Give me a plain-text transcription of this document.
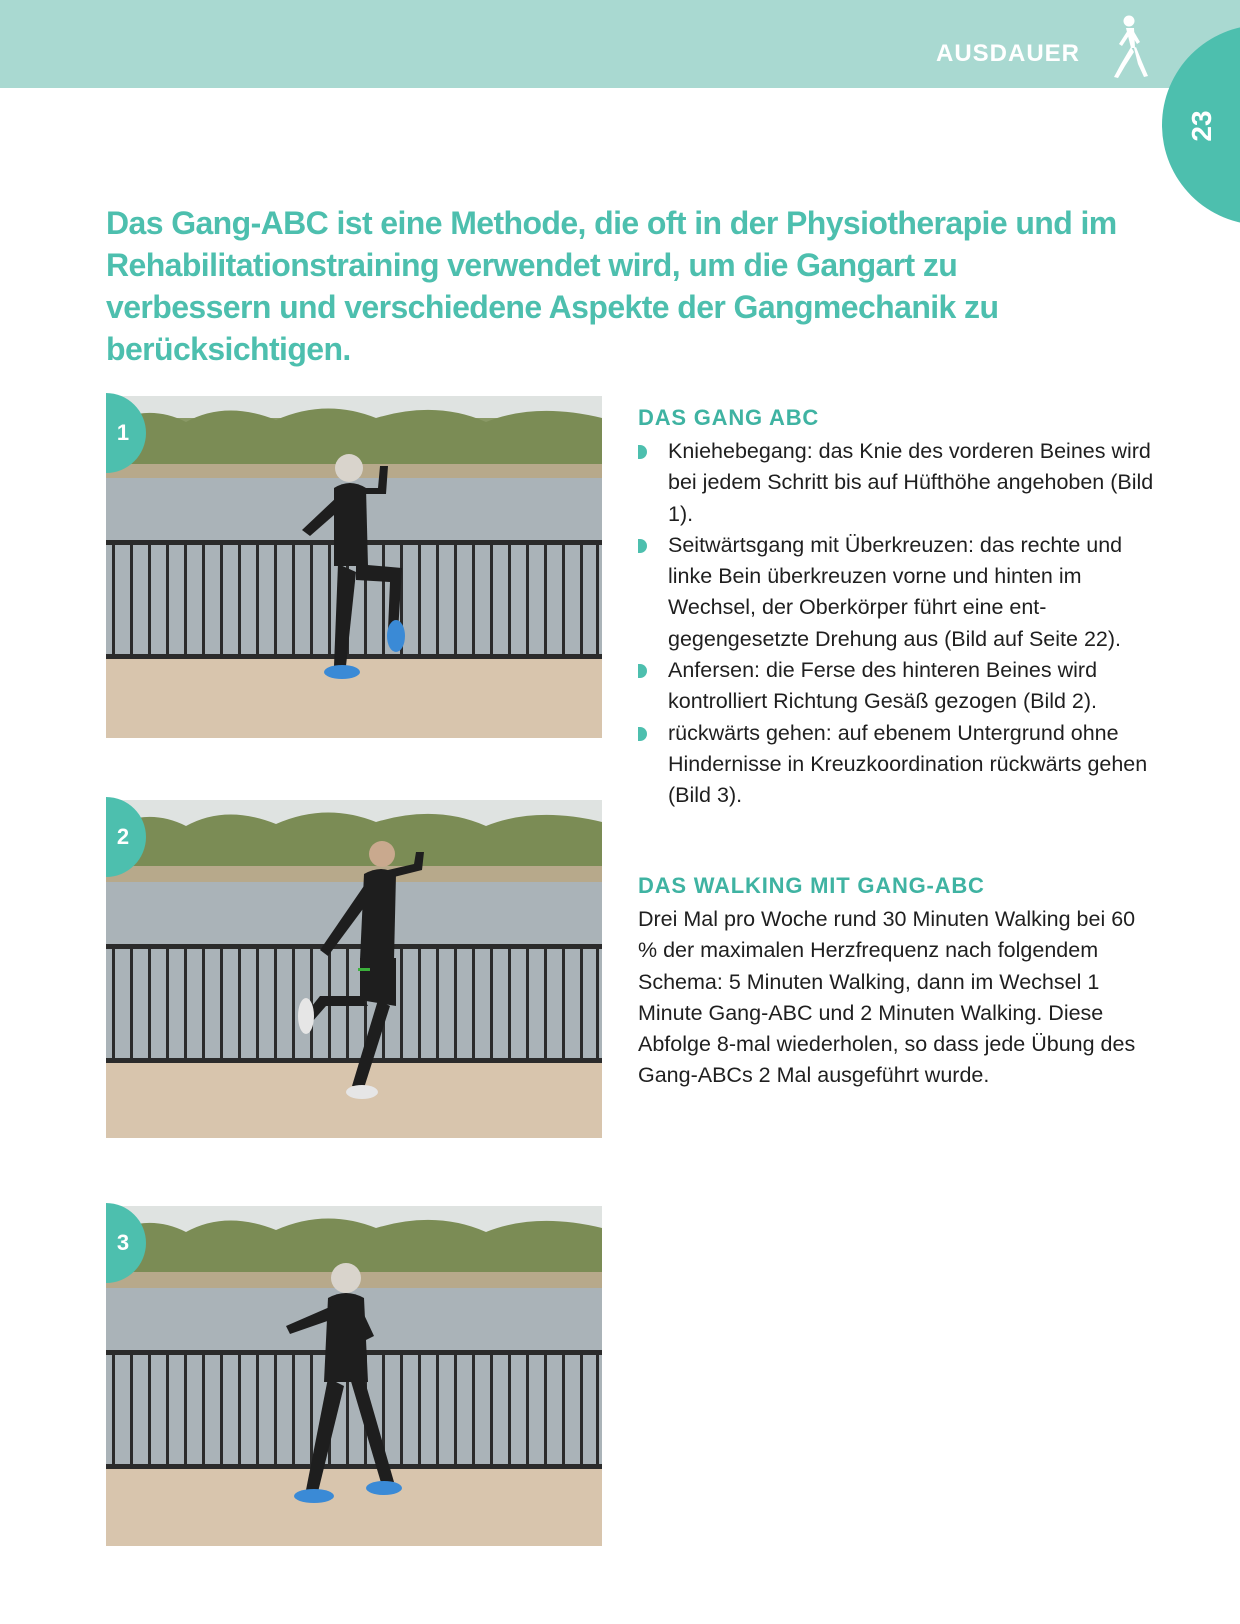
AUSDAUER
23

Das Gang-ABC ist eine Methode, die oft in der Physiotherapie und im Rehabilitationstraining verwendet wird, um die Gangart zu verbessern und verschiedene Aspekte der Gangmechanik zu berücksichtigen.

1
2
3
DAS GANG ABC
Kniehebegang: das Knie des vorderen Beines wird bei jedem Schritt bis auf Hüfthöhe angehoben (Bild 1).
Seitwärtsgang mit Überkreuzen: das rechte und linke Bein überkreuzen vorne und hinten im Wechsel, der Oberkörper führt eine entgegengesetzte Drehung aus (Bild auf Seite 22).
Anfersen: die Ferse des hinteren Beines wird kontrolliert Richtung Gesäß gezogen (Bild 2).
rückwärts gehen: auf ebenem Untergrund ohne Hindernisse in Kreuzkoordination rückwärts gehen (Bild 3).
DAS WALKING MIT GANG-ABC

Drei Mal pro Woche rund 30 Minuten Walking bei 60 % der maximalen Herzfrequenz nach folgendem Schema: 5 Minuten Walking, dann im Wechsel 1 Minute Gang-ABC und 2 Minuten Walking. Diese Abfolge 8-mal wiederholen, so dass jede Übung des Gang-ABCs 2 Mal ausgeführt wurde.
